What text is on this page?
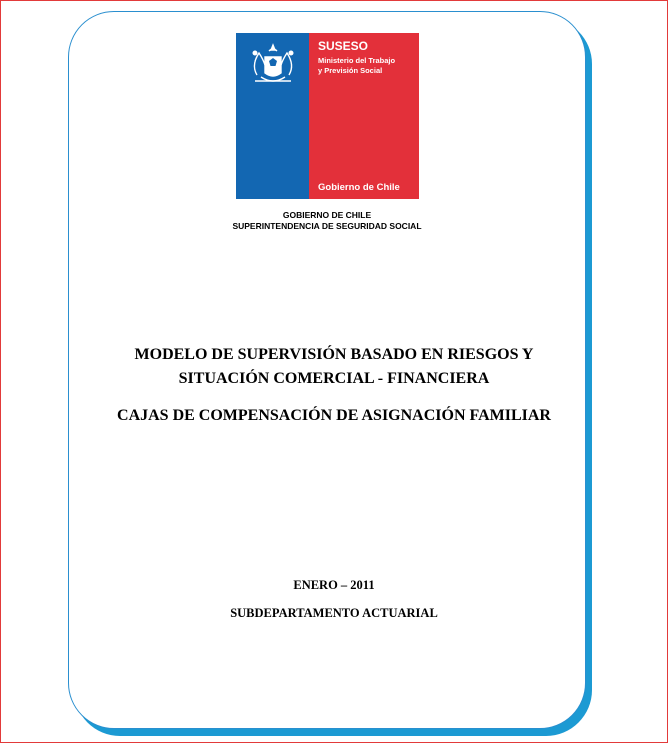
SUSESO
Ministerio del Trabajo
y Previsión Social
Gobierno de Chile
GOBIERNO DE CHILE
SUPERINTENDENCIA DE SEGURIDAD SOCIAL
MODELO DE SUPERVISIÓN BASADO EN RIESGOS Y
SITUACIÓN COMERCIAL - FINANCIERA
CAJAS DE COMPENSACIÓN DE ASIGNACIÓN FAMILIAR
ENERO – 2011
SUBDEPARTAMENTO ACTUARIAL
